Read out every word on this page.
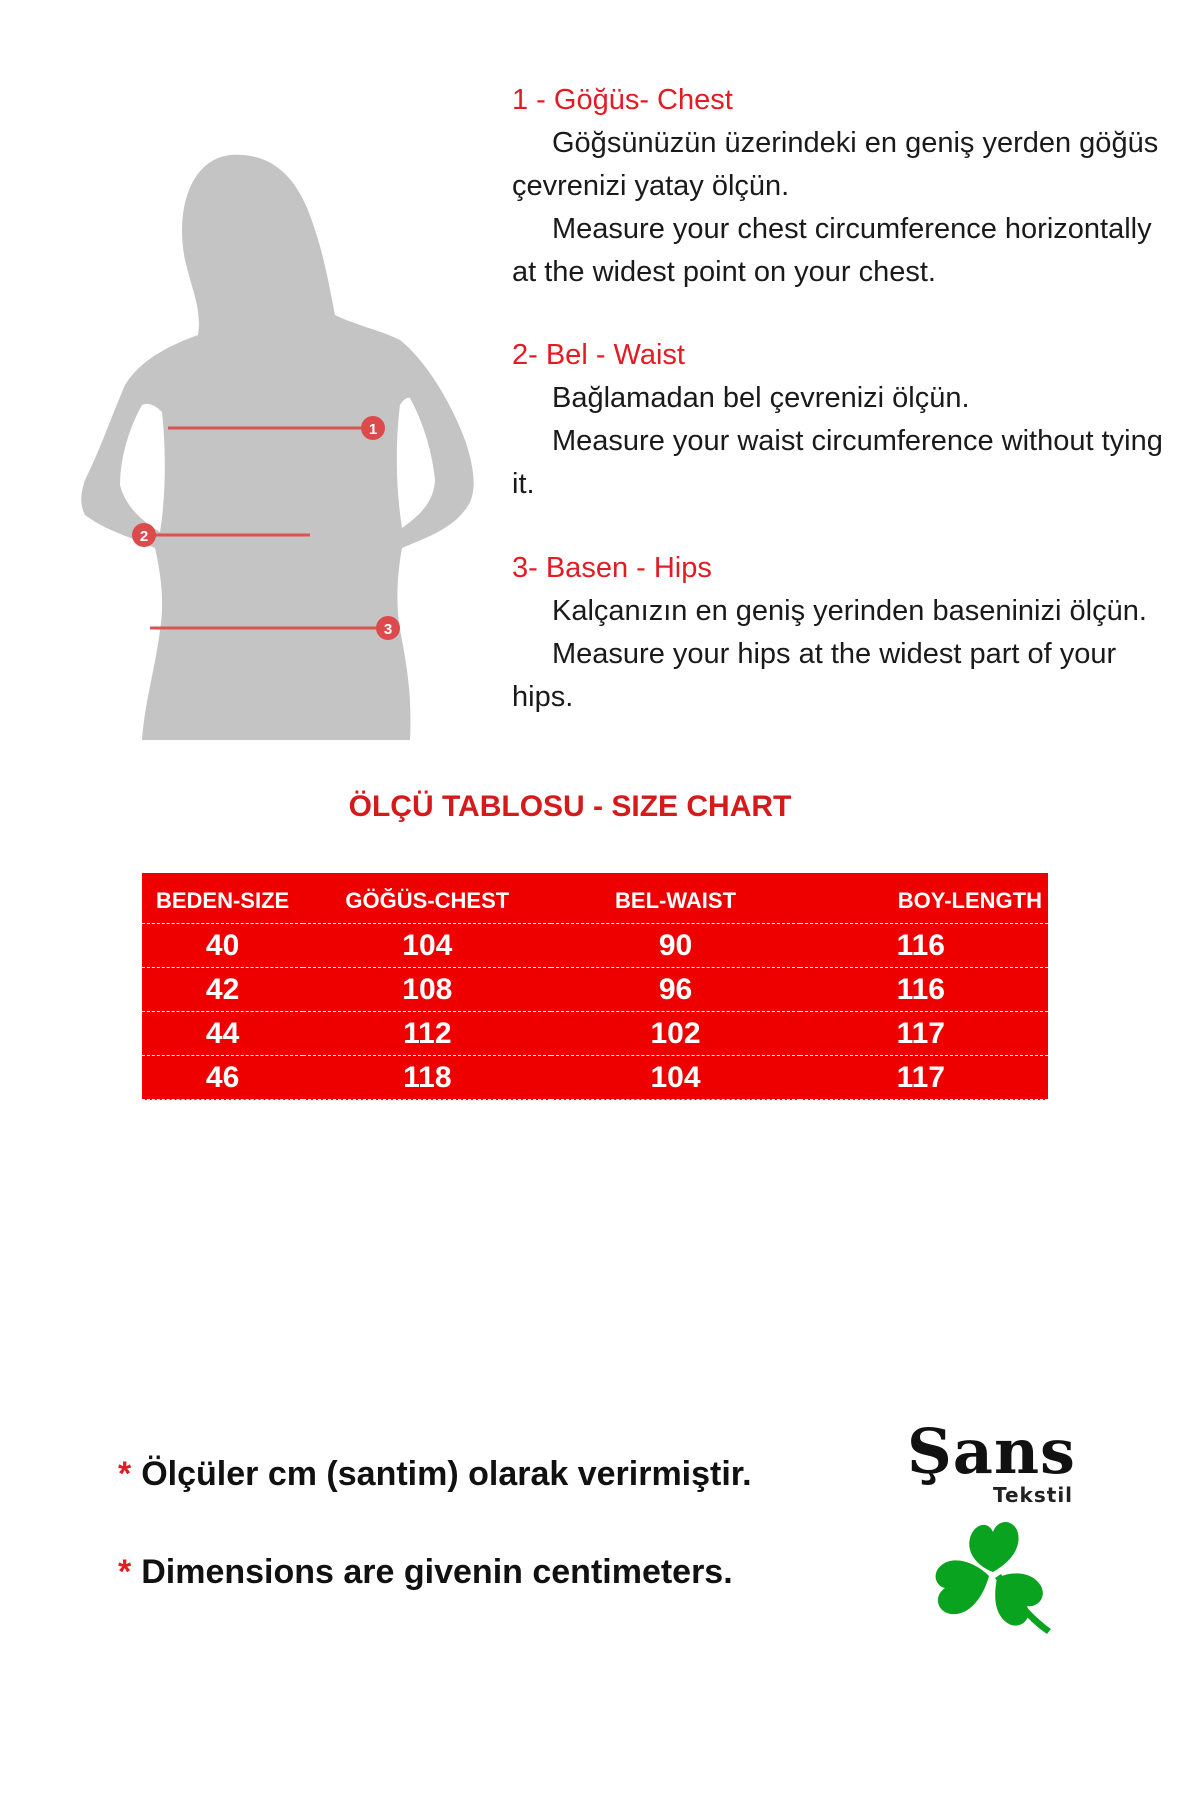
1
2
3
1 - Göğüs- Chest
Göğsünüzün üzerindeki en geniş yerden göğüs çevrenizi yatay ölçün.
Measure your chest circumference horizontally at the widest point on your chest.
2- Bel - Waist
Bağlamadan bel çevrenizi ölçün.
Measure your waist circumference without tying it.
3- Basen - Hips
Kalçanızın en geniş yerinden baseninizi ölçün.
Measure your hips at the widest part of your hips.
ÖLÇÜ TABLOSU - SIZE CHART
BEDEN-SIZE	GÖĞÜS-CHEST	BEL-WAIST	BOY-LENGTH
40	104	90	116
42	108	96	116
44	112	102	117
46	118	104	117
* Ölçüler cm (santim) olarak verirmiştir.
* Dimensions are givenin centimeters.
Şans
Tekstil
